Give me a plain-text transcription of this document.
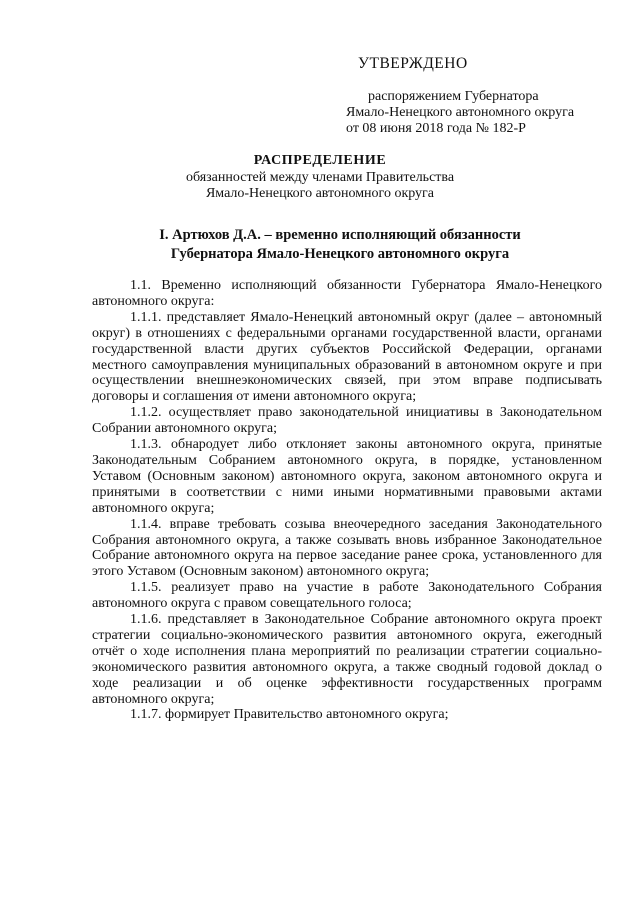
УТВЕРЖДЕНО
распоряжением Губернатора
Ямало-Ненецкого автономного округа
от 08 июня 2018 года № 182-Р
РАСПРЕДЕЛЕНИЕ
обязанностей между членами Правительства
Ямало-Ненецкого автономного округа
I. Артюхов Д.А. – временно исполняющий обязанности
Губернатора Ямало-Ненецкого автономного округа

1.1. Временно исполняющий обязанности Губернатора Ямало-Ненецкого автономного округа:

1.1.1. представляет Ямало-Ненецкий автономный округ (далее – автономный округ) в отношениях с федеральными органами государственной власти, органами государственной власти других субъектов Российской Федерации, органами местного самоуправления муниципальных образований в автономном округе и при осуществлении внешнеэкономических связей, при этом вправе подписывать договоры и соглашения от имени автономного округа;

1.1.2. осуществляет право законодательной инициативы в Законодательном Собрании автономного округа;

1.1.3. обнародует либо отклоняет законы автономного округа, принятые Законодательным Собранием автономного округа, в порядке, установленном Уставом (Основным законом) автономного округа, законом автономного округа и принятыми в соответствии с ними иными нормативными правовыми актами автономного округа;

1.1.4. вправе требовать созыва внеочередного заседания Законодательного Собрания автономного округа, а также созывать вновь избранное Законодательное Собрание автономного округа на первое заседание ранее срока, установленного для этого Уставом (Основным законом) автономного округа;

1.1.5. реализует право на участие в работе Законодательного Собрания автономного округа с правом совещательного голоса;

1.1.6. представляет в Законодательное Собрание автономного округа проект стратегии социально-экономического развития автономного округа, ежегодный отчёт о ходе исполнения плана мероприятий по реализации стратегии социально-экономического развития автономного округа, а также сводный годовой доклад о ходе реализации и об оценке эффективности государственных программ автономного округа;

1.1.7. формирует Правительство автономного округа;
